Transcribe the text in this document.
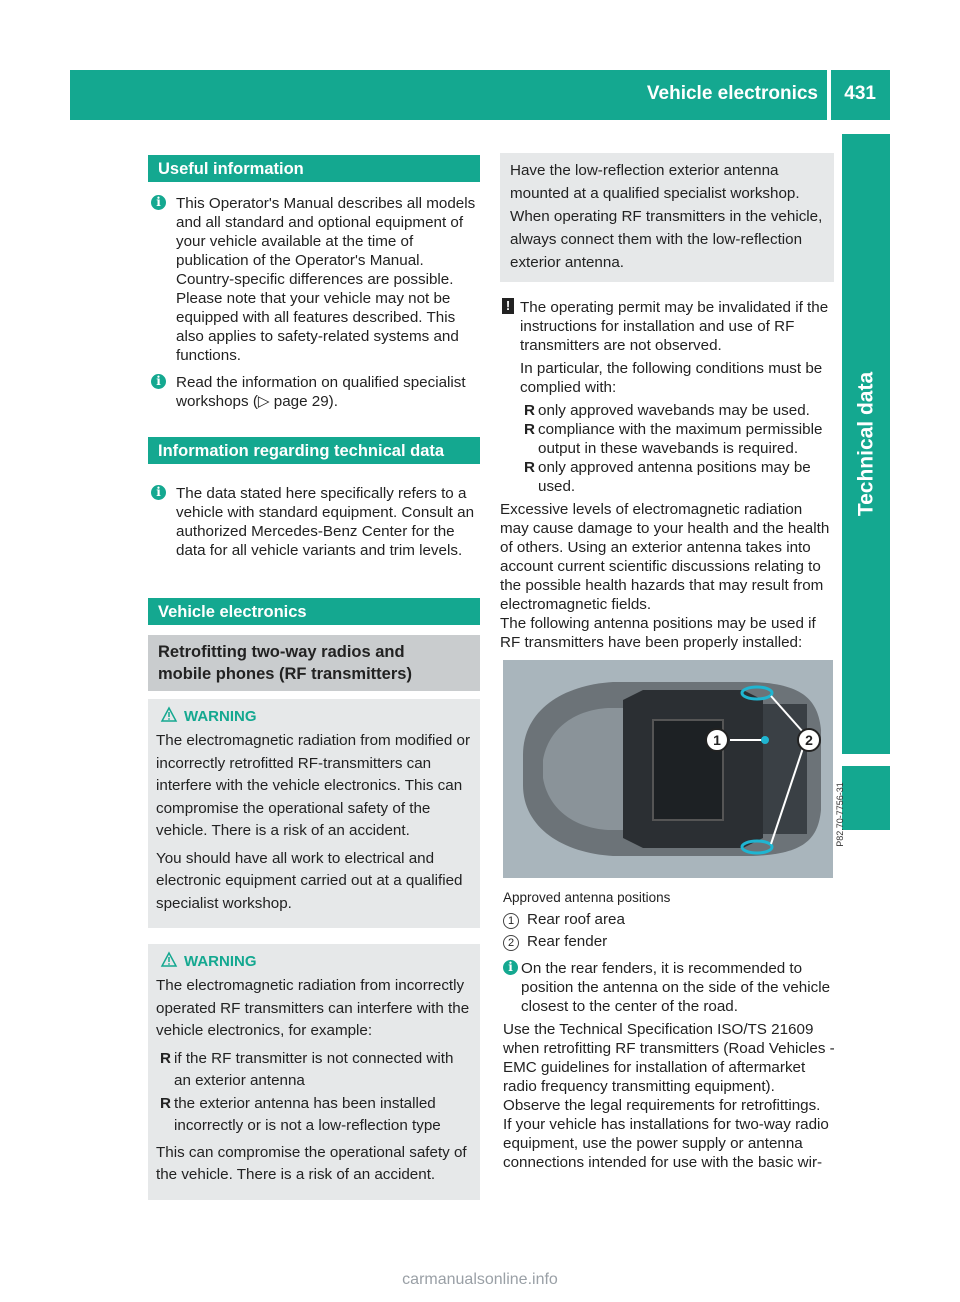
Vehicle electronics 431
Technical data
Useful information
i	This Operator's Manual describes all models and all standard and optional equipment of your vehicle available at the time of publication of the Operator's Manual. Country-specific differences are possible. Please note that your vehicle may not be equipped with all features described. This also applies to safety-related systems and functions.

i	Read the information on qualified specialist workshops (▷ page 29).

Information regarding technical data
i	The data stated here specifically refers to a vehicle with standard equipment. Consult an authorized Mercedes-Benz Center for the data for all vehicle variants and trim levels.

Vehicle electronics
Retrofitting two-way radios and
mobile phones (RF transmitters)
WARNING

The electromagnetic radiation from modified or incorrectly retrofitted RF-transmitters can interfere with the vehicle electronics. This can compromise the operational safety of the vehicle. There is a risk of an accident.

You should have all work to electrical and electronic equipment carried out at a qualified specialist workshop.

WARNING

The electromagnetic radiation from incorrectly operated RF transmitters can interfere with the vehicle electronics, for example:

R if the RF transmitter is not connected with an exterior antenna
R the exterior antenna has been installed incorrectly or is not a low-reflection type

This can compromise the operational safety of the vehicle. There is a risk of an accident.

Have the low-reflection exterior antenna mounted at a qualified specialist workshop. When operating RF transmitters in the vehicle, always connect them with the low-reflection exterior antenna.
! The operating permit may be invalidated if the instructions for installation and use of RF transmitters are not observed.

In particular, the following conditions must be complied with:

R only approved wavebands may be used.
R compliance with the maximum permissible output in these wavebands is required.
R only approved antenna positions may be used.

Excessive levels of electromagnetic radiation may cause damage to your health and the health of others. Using an exterior antenna takes into account current scientific discussions relating to the possible health hazards that may result from electromagnetic fields.

The following antenna positions may be used if RF transmitters have been properly installed:

1	2
P82.70-7756-31
Approved antenna positions
1 Rear roof area
2 Rear fender
i On the rear fenders, it is recommended to position the antenna on the side of the vehicle closest to the center of the road.

Use the Technical Specification ISO/TS 21609 when retrofitting RF transmitters (Road Vehicles - EMC guidelines for installation of aftermarket radio frequency transmitting equipment).

Observe the legal requirements for retrofittings.

If your vehicle has installations for two-way radio equipment, use the power supply or antenna connections intended for use with the basic wir-

carmanualsonline.info
